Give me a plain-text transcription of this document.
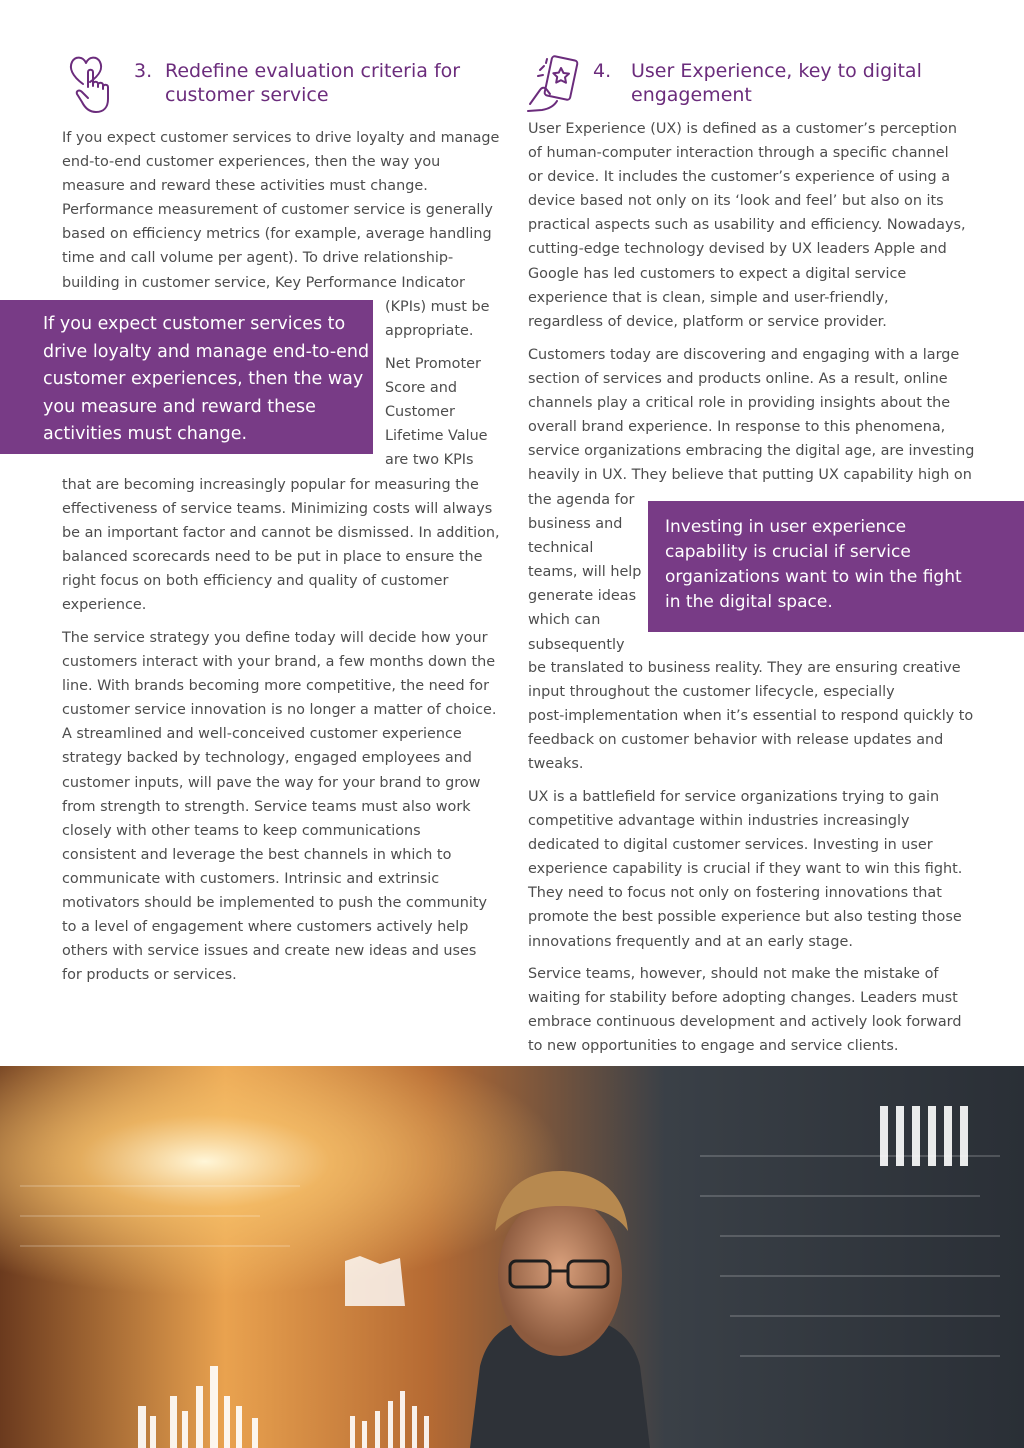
3. Redefine evaluation criteria for
customer service
If you expect customer services to drive loyalty and manage
end-to-end customer experiences, then the way you
measure and reward these activities must change.
Performance measurement of customer service is generally
based on efficiency metrics (for example, average handling
time and call volume per agent). To drive relationship-
building in customer service, Key Performance Indicator
(KPIs) must be
appropriate.
Net Promoter
Score and
Customer
Lifetime Value
are two KPIs
If you expect customer services to
drive loyalty and manage end-to-end
customer experiences, then the way
you measure and reward these
activities must change.
that are becoming increasingly popular for measuring the
effectiveness of service teams. Minimizing costs will always
be an important factor and cannot be dismissed. In addition,
balanced scorecards need to be put in place to ensure the
right focus on both efficiency and quality of customer
experience.
The service strategy you define today will decide how your
customers interact with your brand, a few months down the
line. With brands becoming more competitive, the need for
customer service innovation is no longer a matter of choice.
A streamlined and well-conceived customer experience
strategy backed by technology, engaged employees and
customer inputs, will pave the way for your brand to grow
from strength to strength. Service teams must also work
closely with other teams to keep communications
consistent and leverage the best channels in which to
communicate with customers. Intrinsic and extrinsic
motivators should be implemented to push the community
to a level of engagement where customers actively help
others with service issues and create new ideas and uses
for products or services.
4.	User Experience, key to digital
engagement
User Experience (UX) is defined as a customer’s perception
of human-computer interaction through a specific channel
or device. It includes the customer’s experience of using a
device based not only on its ‘look and feel’ but also on its
practical aspects such as usability and efficiency. Nowadays,
cutting-edge technology devised by UX leaders Apple and
Google has led customers to expect a digital service
experience that is clean, simple and user-friendly,
regardless of device, platform or service provider.
Customers today are discovering and engaging with a large
section of services and products online. As a result, online
channels play a critical role in providing insights about the
overall brand experience. In response to this phenomena,
service organizations embracing the digital age, are investing
heavily in UX. They believe that putting UX capability high on
the agenda for
business and
technical
teams, will help
generate ideas
which can
subsequently
Investing in user experience
capability is crucial if service
organizations want to win the fight
in the digital space.
be translated to business reality. They are ensuring creative
input throughout the customer lifecycle, especially
post-implementation when it’s essential to respond quickly to
feedback on customer behavior with release updates and
tweaks.
UX is a battlefield for service organizations trying to gain
competitive advantage within industries increasingly
dedicated to digital customer services. Investing in user
experience capability is crucial if they want to win this fight.
They need to focus not only on fostering innovations that
promote the best possible experience but also testing those
innovations frequently and at an early stage.
Service teams, however, should not make the mistake of
waiting for stability before adopting changes. Leaders must
embrace continuous development and actively look forward
to new opportunities to engage and service clients.
